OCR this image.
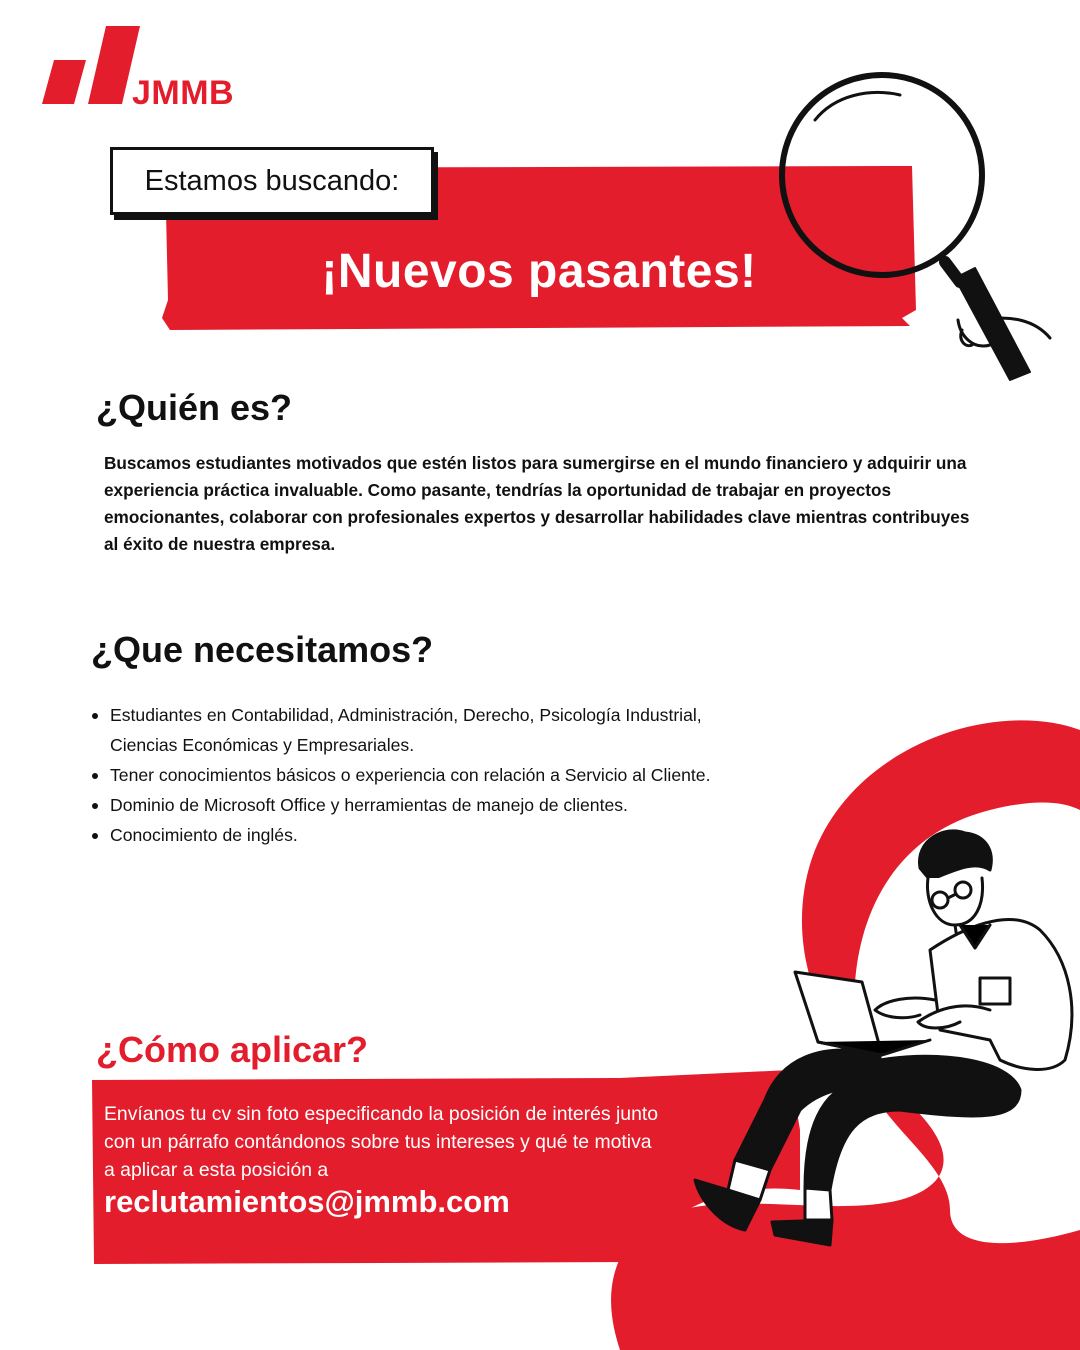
JMMB
Estamos buscando:
¡Nuevos pasantes!
¿Quién es?
Buscamos estudiantes motivados que estén listos para sumergirse en el mundo financiero y adquirir una experiencia práctica invaluable. Como pasante, tendrías la oportunidad de trabajar en proyectos emocionantes, colaborar con profesionales expertos y desarrollar habilidades clave mientras contribuyes al éxito de nuestra empresa.
¿Que necesitamos?
Estudiantes en Contabilidad, Administración, Derecho, Psicología Industrial, Ciencias Económicas y Empresariales.
Tener conocimientos básicos o experiencia con relación a Servicio al Cliente.
Dominio de Microsoft Office y herramientas de manejo de clientes.
Conocimiento de inglés.
¿Cómo aplicar?
Envíanos tu cv sin foto especificando la posición de interés junto con un párrafo contándonos sobre tus intereses y qué te motiva a aplicar a esta posición a
reclutamientos@jmmb.com
